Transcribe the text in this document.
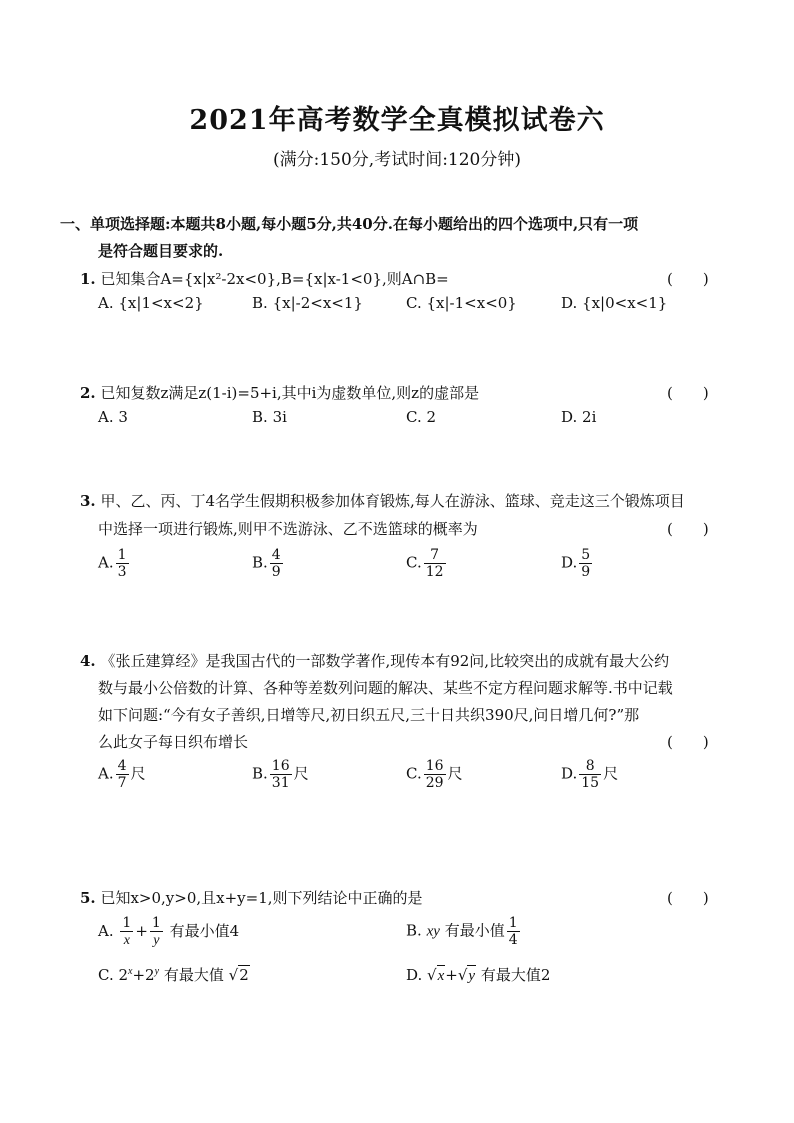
2021年高考数学全真模拟试卷六
(满分:150分,考试时间:120分钟)
一、单项选择题:本题共8小题,每小题5分,共40分.在每小题给出的四个选项中,只有一项
是符合题目要求的.
1. 已知集合A={x|x²-2x<0},B={x|x-1<0},则A∩B=	(　　)
A. {x|1<x<2}	B. {x|-2<x<1}	C. {x|-1<x<0}	D. {x|0<x<1}
2. 已知复数z满足z(1-i)=5+i,其中i为虚数单位,则z的虚部是	(　　)
A. 3	B. 3i	C. 2	D. 2i
3. 甲、乙、丙、丁4名学生假期积极参加体育锻炼,每人在游泳、篮球、竞走这三个锻炼项目
中选择一项进行锻炼,则甲不选游泳、乙不选篮球的概率为	(　　)
A. $\frac{1}{3}$	B. $\frac{4}{9}$	C. $\frac{7}{12}$	D. $\frac{5}{9}$
4. 《张丘建算经》是我国古代的一部数学著作,现传本有92问,比较突出的成就有最大公约
数与最小公倍数的计算、各种等差数列问题的解决、某些不定方程问题求解等.书中记载
如下问题:“今有女子善织,日增等尺,初日织五尺,三十日共织390尺,问日增几何?”那
么此女子每日织布增长	(　　)
A. $\frac{4}{7}$ 尺	B. $\frac{16}{31}$ 尺	C. $\frac{16}{29}$ 尺	D. $\frac{8}{15}$ 尺
5. 已知x>0,y>0,且x+y=1,则下列结论中正确的是	(　　)
A. $\frac{1}{x} + \frac{1}{y}$ 有最小值4	B. xy 有最小值 $\frac{1}{4}$
C. $2^x+2^y$ 有最大值 √2	D. √x+√y 有最大值2
